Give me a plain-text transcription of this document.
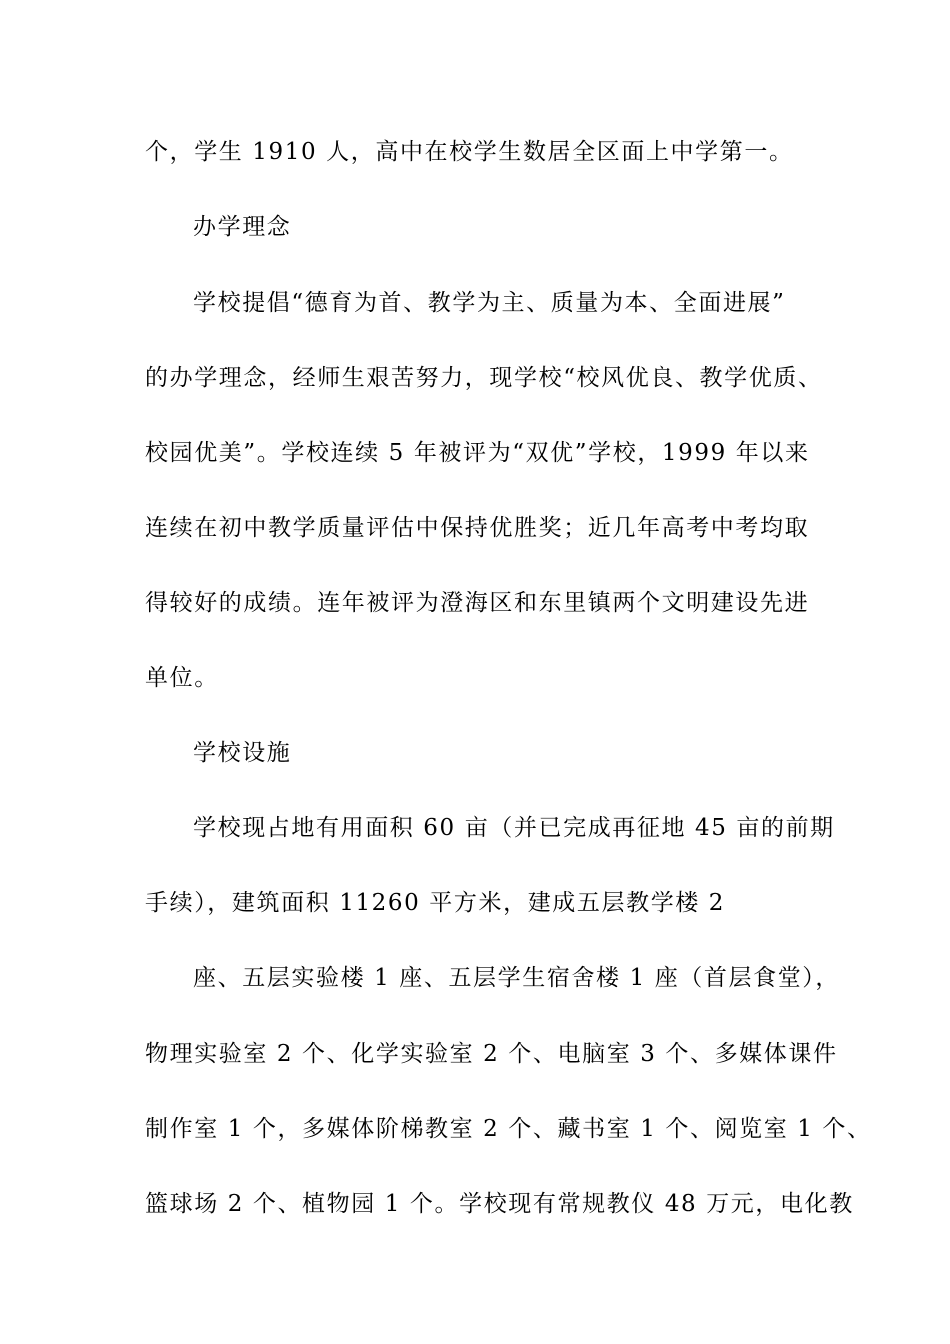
个，学生 1910 人，高中在校学生数居全区面上中学第一。
办学理念
学校提倡“德育为首、教学为主、质量为本、全面进展”
的办学理念，经师生艰苦努力，现学校“校风优良、教学优质、
校园优美”。学校连续 5 年被评为“双优”学校，1999 年以来
连续在初中教学质量评估中保持优胜奖；近几年高考中考均取
得较好的成绩。连年被评为澄海区和东里镇两个文明建设先进
单位。
学校设施
学校现占地有用面积 60 亩（并已完成再征地 45 亩的前期
手续），建筑面积 11260 平方米，建成五层教学楼 2
座、五层实验楼 1 座、五层学生宿舍楼 1 座（首层食堂），
物理实验室 2 个、化学实验室 2 个、电脑室 3 个、多媒体课件
制作室 1 个，多媒体阶梯教室 2 个、藏书室 1 个、阅览室 1 个、
篮球场 2 个、植物园 1 个。学校现有常规教仪 48 万元，电化教
